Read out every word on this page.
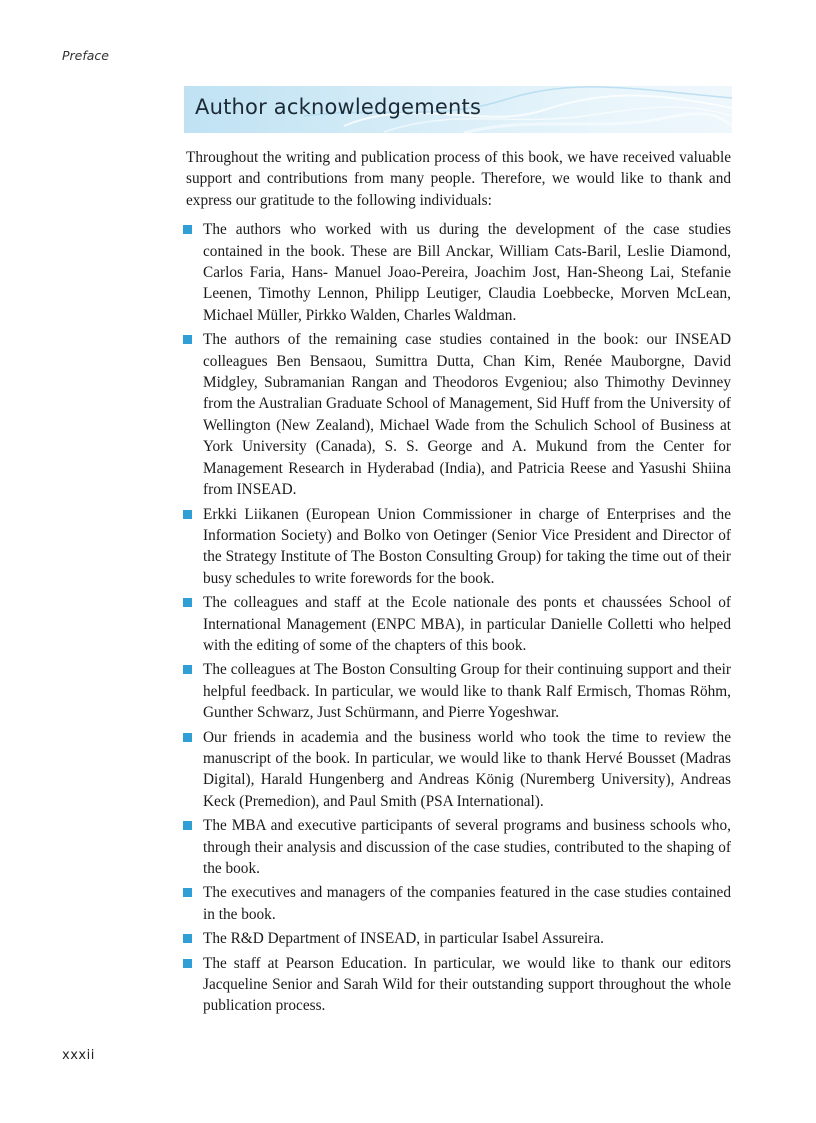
Preface
Author acknowledgements

Throughout the writing and publication process of this book, we have received valuable support and contributions from many people. Therefore, we would like to thank and express our gratitude to the following individuals:

The authors who worked with us during the development of the case studies contained in the book. These are Bill Anckar, William Cats-Baril, Leslie Diamond, Carlos Faria, Hans- Manuel Joao-Pereira, Joachim Jost, Han-Sheong Lai, Stefanie Leenen, Timothy Lennon, Philipp Leutiger, Claudia Loebbecke, Morven McLean, Michael Müller, Pirkko Walden, Charles Waldman.
The authors of the remaining case studies contained in the book: our INSEAD colleagues Ben Bensaou, Sumittra Dutta, Chan Kim, Renée Mauborgne, David Midgley, Subramanian Rangan and Theodoros Evgeniou; also Thimothy Devinney from the Australian Graduate School of Management, Sid Huff from the University of Wellington (New Zealand), Michael Wade from the Schulich School of Business at York University (Canada), S. S. George and A. Mukund from the Center for Management Research in Hyderabad (India), and Patricia Reese and Yasushi Shiina from INSEAD.
Erkki Liikanen (European Union Commissioner in charge of Enterprises and the Information Society) and Bolko von Oetinger (Senior Vice President and Director of the Strategy Institute of The Boston Consulting Group) for taking the time out of their busy schedules to write forewords for the book.
The colleagues and staff at the Ecole nationale des ponts et chaussées School of International Management (ENPC MBA), in particular Danielle Colletti who helped with the editing of some of the chapters of this book.
The colleagues at The Boston Consulting Group for their continuing support and their helpful feedback. In particular, we would like to thank Ralf Ermisch, Thomas Röhm, Gunther Schwarz, Just Schürmann, and Pierre Yogeshwar.
Our friends in academia and the business world who took the time to review the manuscript of the book. In particular, we would like to thank Hervé Bousset (Madras Digital), Harald Hungenberg and Andreas König (Nuremberg University), Andreas Keck (Premedion), and Paul Smith (PSA International).
The MBA and executive participants of several programs and business schools who, through their analysis and discussion of the case studies, contributed to the shaping of the book.
The executives and managers of the companies featured in the case studies contained in the book.
The R&D Department of INSEAD, in particular Isabel Assureira.
The staff at Pearson Education. In particular, we would like to thank our editors Jacqueline Senior and Sarah Wild for their outstanding support throughout the whole publication process.
xxxii
